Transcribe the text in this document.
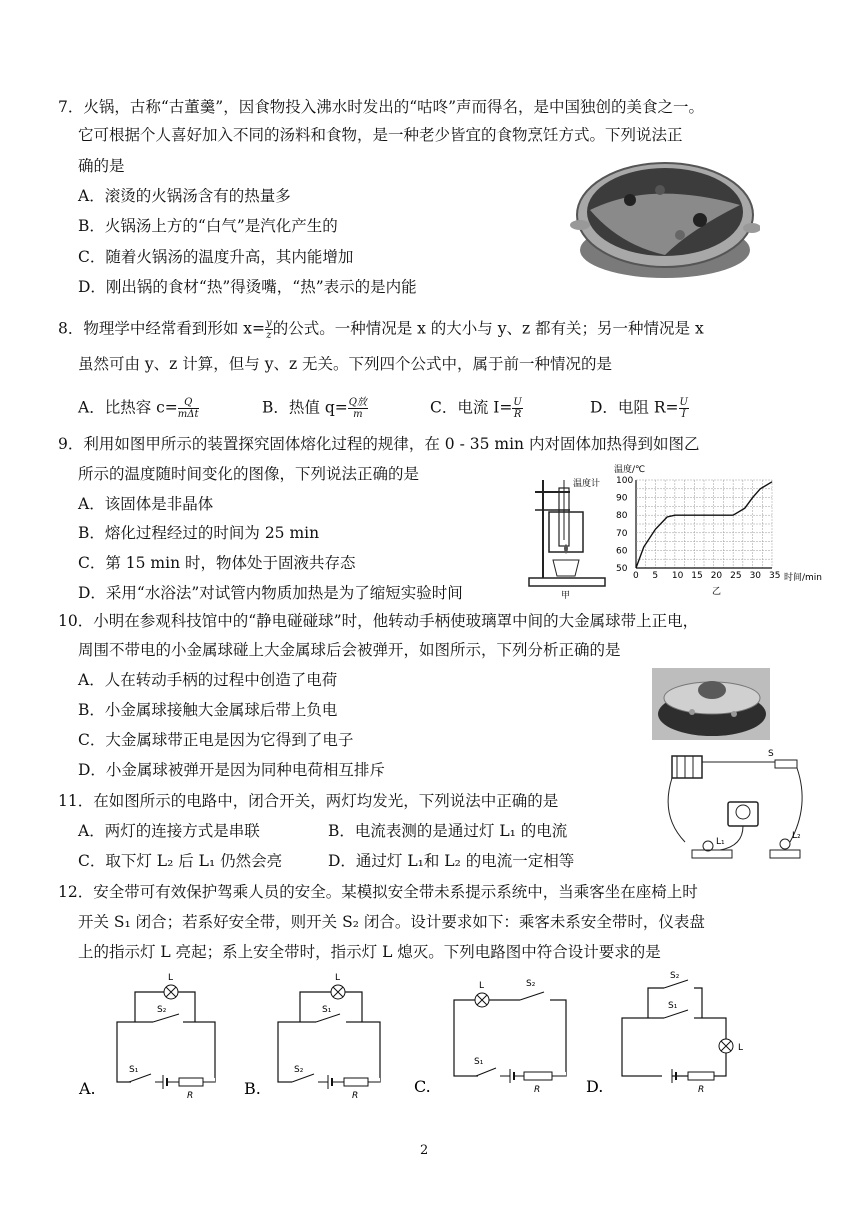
7．火锅，古称“古董羹”，因食物投入沸水时发出的“咕咚”声而得名，是中国独创的美食之一。
它可根据个人喜好加入不同的汤料和食物，是一种老少皆宜的食物烹饪方式。下列说法正
确的是
A．滚烫的火锅汤含有的热量多
B．火锅汤上方的“白气”是汽化产生的
C．随着火锅汤的温度升高，其内能增加
D．刚出锅的食材“热”得烫嘴，“热”表示的是内能
8．物理学中经常看到形如 $x= \frac{y}{z}$ 的公式。一种情况是 x 的大小与 y、z 都有关；另一种情况是 x
虽然可由 y、z 计算，但与 y、z 无关。下列四个公式中，属于前一种情况的是
A．比热容 $c= \frac{Q}{\text{mΔt}}$	B．热值 $q= \frac{\text{Q放}}{m}$	C．电流 $I= \frac{U}{R}$	D．电阻 $R= \frac{U}{I}$
9．利用如图甲所示的装置探究固体熔化过程的规律，在 0 - 35 min 内对固体加热得到如图乙
所示的温度随时间变化的图像，下列说法正确的是
A．该固体是非晶体
B．熔化过程经过的时间为 25 min
C．第 15 min 时，物体处于固液共存态
D．采用“水浴法”对试管内物质加热是为了缩短实验时间
温度计
甲
0 5 10 15 20 25 30 35
50
60
70
80
90
100
温度/℃
时间/min
乙
10．小明在参观科技馆中的“静电碰碰球”时，他转动手柄使玻璃罩中间的大金属球带上正电，
周围不带电的小金属球碰上大金属球后会被弹开，如图所示，下列分析正确的是
A．人在转动手柄的过程中创造了电荷
B．小金属球接触大金属球后带上负电
C．大金属球带正电是因为它得到了电子
D．小金属球被弹开是因为同种电荷相互排斥
11．在如图所示的电路中，闭合开关，两灯均发光，下列说法中正确的是
A．两灯的连接方式是串联	B．电流表测的是通过灯 L₁ 的电流
C．取下灯 L₂ 后 L₁ 仍然会亮	D．通过灯 L₁和 L₂ 的电流一定相等
S
L₁
L₂
12．安全带可有效保护驾乘人员的安全。某模拟安全带未系提示系统中，当乘客坐在座椅上时
开关 S₁ 闭合；若系好安全带，则开关 S₂ 闭合。设计要求如下：乘客未系安全带时，仪表盘
上的指示灯 L 亮起；系上安全带时，指示灯 L 熄灭。下列电路图中符合设计要求的是
A.
L
S₂
S₁
R	B.
L
S₁
S₂
R	C.
L	S₂
S₁
R	D.
S₂
S₁
L
R
2
